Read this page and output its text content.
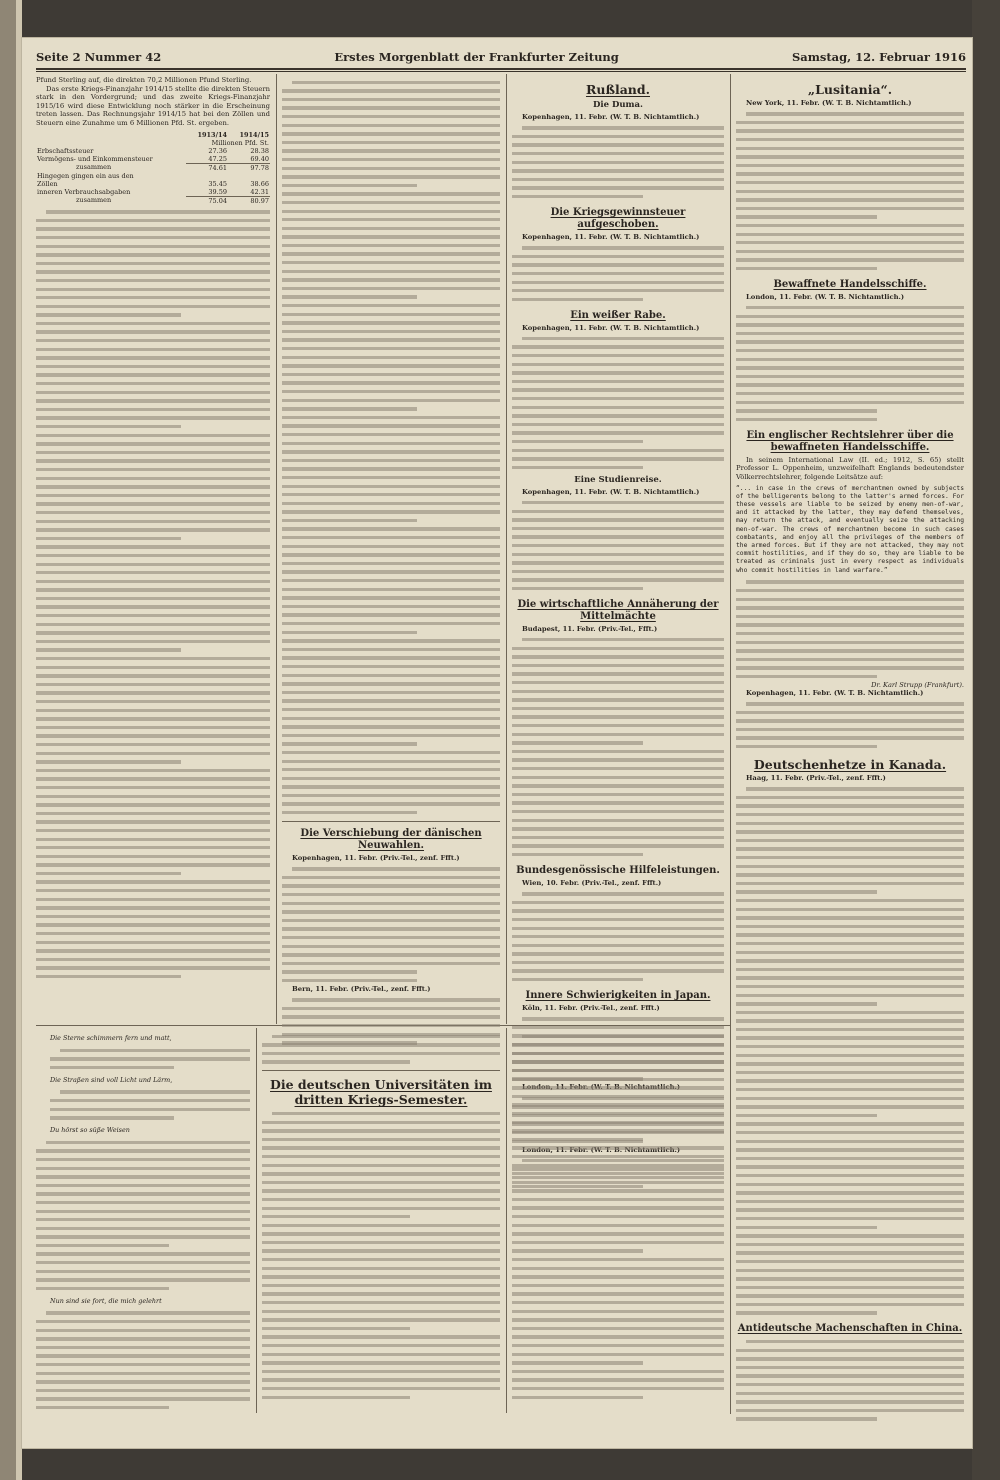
Seite 2 Nummer 42	Erstes Morgenblatt der Frankfurter Zeitung	Samstag, 12. Februar 1916

Pfund Sterling auf, die direkten 70,2 Millionen Pfund Sterling.

Das erste Kriegs-Finanzjahr 1914/15 stellte die direkten Steuern stark in den Vordergrund; und das zweite Kriegs-Finanzjahr 1915/16 wird diese Entwicklung noch stärker in die Erscheinung treten lassen. Das Rechnungsjahr 1914/15 hat bei den Zöllen und Steuern eine Zunahme um 6 Millionen Pfd. St. ergeben.

	1913/14	1914/15
	Millionen Pfd. St.	
Erbschaftssteuer	27.36	28.38
Vermögens- und Einkommensteuer	47.25	69.40
zusammen	74.61	97.78
Hingegen gingen ein aus den		
Zöllen	35.45	38.66
inneren Verbrauchsabgaben	39.59	42.31
zusammen	75.04	80.97
Die Verschiebung der dänischen Neuwahlen.

Kopenhagen, 11. Febr. (Priv.-Tel., zenf. Ffft.)

Bern, 11. Febr. (Priv.-Tel., zenf. Ffft.)

Rußland.
Die Duma.

Kopenhagen, 11. Febr. (W. T. B. Nichtamtlich.)

Die Kriegsgewinnsteuer aufgeschoben.

Kopenhagen, 11. Febr. (W. T. B. Nichtamtlich.)

Ein weißer Rabe.

Kopenhagen, 11. Febr. (W. T. B. Nichtamtlich.)

Eine Studienreise.

Kopenhagen, 11. Febr. (W. T. B. Nichtamtlich.)

Die wirtschaftliche Annäherung der Mittelmächte

Budapest, 11. Febr. (Priv.-Tel., Ffft.)

Bundesgenössische Hilfeleistungen.

Wien, 10. Febr. (Priv.-Tel., zenf. Ffft.)

Innere Schwierigkeiten in Japan.

Köln, 11. Febr. (Priv.-Tel., zenf. Ffft.)

„Lusitania“.

New York, 11. Febr. (W. T. B. Nichtamtlich.)

Bewaffnete Handelsschiffe.

London, 11. Febr. (W. T. B. Nichtamtlich.)

Ein englischer Rechtslehrer über die bewaffneten Handelsschiffe.

In seinem International Law (II. ed.; 1912, S. 65) stellt Professor L. Oppenheim, unzweifelhaft Englands bedeutendster Völkerrechtslehrer, folgende Leitsätze auf:

“... in case in the crews of merchantmen owned by subjects of the belligerents belong to the latter's armed forces. For these vessels are liable to be seized by enemy men-of-war, and it attacked by the latter, they may defend themselves, may return the attack, and eventually seize the attacking men-of-war. The crews of merchantmen become in such cases combatants, and enjoy all the privileges of the members of the armed forces. But if they are not attacked, they may not commit hostilities, and if they do so, they are liable to be treated as criminals just in every respect as individuals who commit hostilities in land warfare.”

Dr. Karl Strupp (Frankfurt).

Kopenhagen, 11. Febr. (W. T. B. Nichtamtlich.)

Deutschenhetze in Kanada.

Haag, 11. Febr. (Priv.-Tel., zenf. Ffft.)

Antideutsche Machenschaften in China.

Die Sterne schimmern fern und matt,

Die Straßen sind voll Licht und Lärm,

Du hörst so süße Weisen

Nun sind sie fort, die mich gelehrt

Die deutschen Universitäten im dritten Kriegs-Semester.
